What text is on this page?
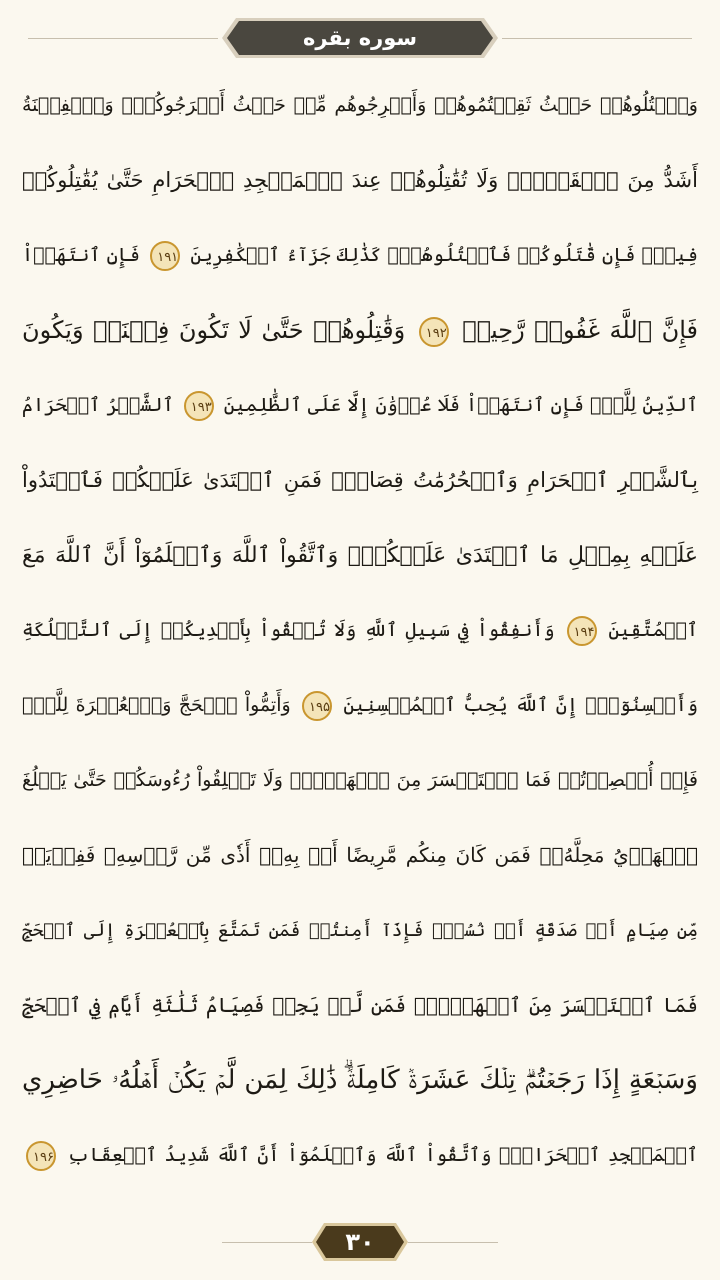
سوره بقره
وَٱقۡتُلُوهُمۡ حَيۡثُ ثَقِفۡتُمُوهُمۡ وَأَخۡرِجُوهُم مِّنۡ حَيۡثُ أَخۡرَجُوكُمۡۚ وَٱلۡفِتۡنَةُ
أَشَدُّ مِنَ ٱلۡقَتۡلِۚ وَلَا تُقَٰتِلُوهُمۡ عِندَ ٱلۡمَسۡجِدِ ٱلۡحَرَامِ حَتَّىٰ يُقَٰتِلُوكُمۡ
فِيهِۖ فَإِن قَٰتَلُوكُمۡ فَٱقۡتُلُوهُمۡۗ كَذَٰلِكَ جَزَآءُ ٱلۡكَٰفِرِينَ ۱۹۱ فَإِنِ ٱنتَهَوۡاْ
فَإِنَّ ٱللَّهَ غَفُورٞ رَّحِيمٞ ۱۹۲ وَقَٰتِلُوهُمۡ حَتَّىٰ لَا تَكُونَ فِتۡنَةٞ وَيَكُونَ
ٱلدِّينُ لِلَّهِۖ فَإِنِ ٱنتَهَوۡاْ فَلَا عُدۡوَٰنَ إِلَّا عَلَى ٱلظَّٰلِمِينَ ۱۹۳ ٱلشَّهۡرُ ٱلۡحَرَامُ
بِٱلشَّهۡرِ ٱلۡحَرَامِ وَٱلۡحُرُمَٰتُ قِصَاصٞۚ فَمَنِ ٱعۡتَدَىٰ عَلَيۡكُمۡ فَٱعۡتَدُواْ
عَلَيۡهِ بِمِثۡلِ مَا ٱعۡتَدَىٰ عَلَيۡكُمۡۚ وَٱتَّقُواْ ٱللَّهَ وَٱعۡلَمُوٓاْ أَنَّ ٱللَّهَ مَعَ
ٱلۡمُتَّقِينَ ۱۹۴ وَأَنفِقُواْ فِي سَبِيلِ ٱللَّهِ وَلَا تُلۡقُواْ بِأَيۡدِيكُمۡ إِلَى ٱلتَّهۡلُكَةِ
وَأَحۡسِنُوٓاْۚ إِنَّ ٱللَّهَ يُحِبُّ ٱلۡمُحۡسِنِينَ ۱۹۵ وَأَتِمُّواْ ٱلۡحَجَّ وَٱلۡعُمۡرَةَ لِلَّهِۚ
فَإِنۡ أُحۡصِرۡتُمۡ فَمَا ٱسۡتَيۡسَرَ مِنَ ٱلۡهَدۡيِۖ وَلَا تَحۡلِقُواْ رُءُوسَكُمۡ حَتَّىٰ يَبۡلُغَ
ٱلۡهَدۡيُ مَحِلَّهُۥۚ فَمَن كَانَ مِنكُم مَّرِيضًا أَوۡ بِهِۦٓ أَذٗى مِّن رَّأۡسِهِۦ فَفِدۡيَةٞ
مِّن صِيَامٍ أَوۡ صَدَقَةٍ أَوۡ نُسُكٖۚ فَإِذَآ أَمِنتُمۡ فَمَن تَمَتَّعَ بِٱلۡعُمۡرَةِ إِلَى ٱلۡحَجِّ
فَمَا ٱسۡتَيۡسَرَ مِنَ ٱلۡهَدۡيِۚ فَمَن لَّمۡ يَجِدۡ فَصِيَامُ ثَلَٰثَةِ أَيَّامٖ فِي ٱلۡحَجِّ
وَسَبۡعَةٍ إِذَا رَجَعۡتُمۡۗ تِلۡكَ عَشَرَةٞ كَامِلَةٞۗ ذَٰلِكَ لِمَن لَّمۡ يَكُنۡ أَهۡلُهُۥ حَاضِرِي
ٱلۡمَسۡجِدِ ٱلۡحَرَامِۚ وَٱتَّقُواْ ٱللَّهَ وَٱعۡلَمُوٓاْ أَنَّ ٱللَّهَ شَدِيدُ ٱلۡعِقَابِ ۱۹۶
۳۰
